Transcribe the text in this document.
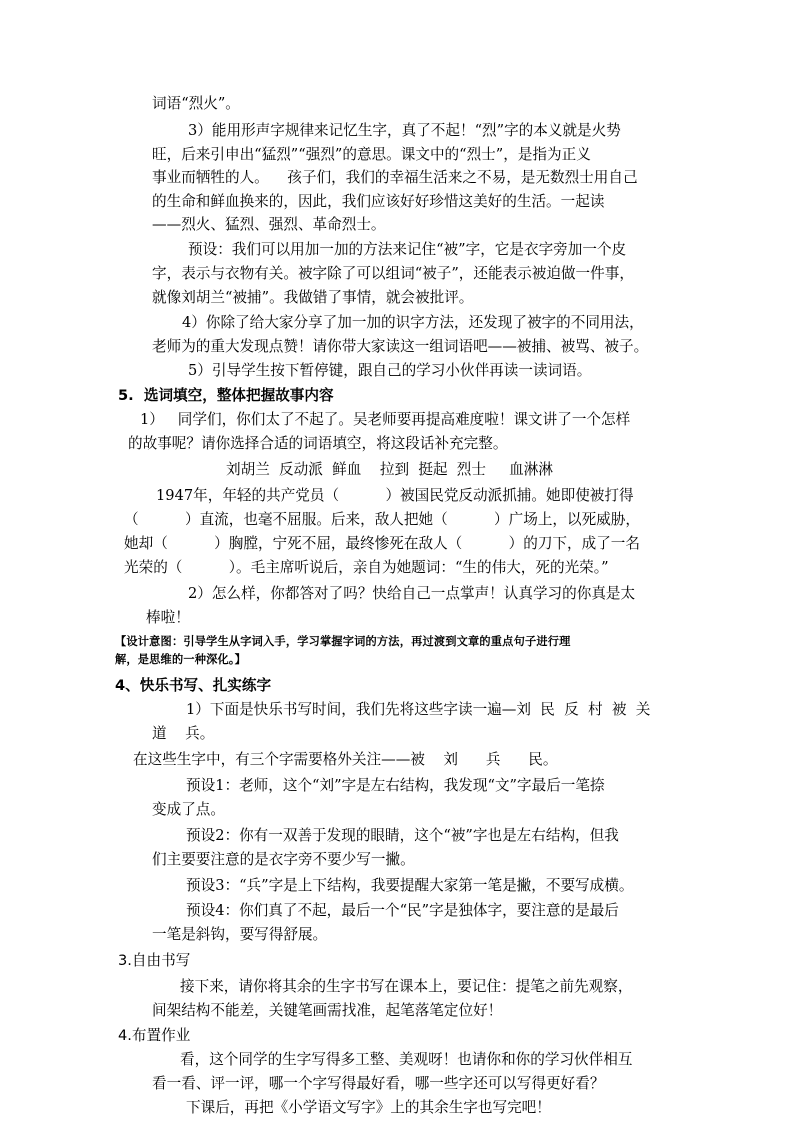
词语“烈火”。
3）能用形声字规律来记忆生字，真了不起！“烈”字的本义就是火势
旺，后来引申出“猛烈”“强烈”的意思。课文中的“烈士”，是指为正义
事业而牺牲的人。    孩子们，我们的幸福生活来之不易，是无数烈士用自己
的生命和鲜血换来的，因此，我们应该好好珍惜这美好的生活。一起读
——烈火、猛烈、强烈、革命烈士。
预设：我们可以用加一加的方法来记住“被”字，它是衣字旁加一个皮
字，表示与衣物有关。被字除了可以组词“被子”，还能表示被迫做一件事，
就像刘胡兰“被捕”。我做错了事情，就会被批评。
4）你除了给大家分享了加一加的识字方法，还发现了被字的不同用法，
老师为的重大发现点赞！请你带大家读这一组词语吧——被捕、被骂、被子。
5）引导学生按下暂停键，跟自己的学习小伙伴再读一读词语。
5.  选词填空，整体把握故事内容
1）   同学们，你们太了不起了。吴老师要再提高难度啦！课文讲了一个怎样
的故事呢？请你选择合适的词语填空，将这段话补充完整。
刘胡兰  反动派  鲜血    拉到  挺起  烈士     血淋淋
1947年，年轻的共产党员（          ）被国民党反动派抓捕。她即使被打得
（          ）直流，也毫不屈服。后来，敌人把她（          ）广场上，以死威胁，
她却（          ）胸膛，宁死不屈，最终惨死在敌人（          ）的刀下，成了一名
光荣的（          ）。毛主席听说后，亲自为她题词：“生的伟大，死的光荣。”
2）怎么样，你都答对了吗？快给自己一点掌声！认真学习的你真是太
棒啦！
【设计意图：引导学生从字词入手，学习掌握字词的方法，再过渡到文章的重点句子进行理
解，是思维的一种深化。】
4、快乐书写、扎实练字
1）下面是快乐书写时间，我们先将这些字读一遍—刘  民  反  村  被  关
道    兵。
在这些生字中，有三个字需要格外关注——被    刘      兵      民。
预设1：老师，这个“刘”字是左右结构，我发现“文”字最后一笔捺
变成了点。
预设2：你有一双善于发现的眼睛，这个“被”字也是左右结构，但我
们主要要注意的是衣字旁不要少写一撇。
预设3：“兵”字是上下结构，我要提醒大家第一笔是撇，不要写成横。
预设4：你们真了不起，最后一个“民”字是独体字，要注意的是最后
一笔是斜钩，要写得舒展。
3.自由书写
接下来，请你将其余的生字书写在课本上，要记住：提笔之前先观察，
间架结构不能差，关键笔画需找准，起笔落笔定位好！
4.布置作业
看，这个同学的生字写得多工整、美观呀！也请你和你的学习伙伴相互
看一看、评一评，哪一个字写得最好看，哪一些字还可以写得更好看？
下课后，再把《小学语文写字》上的其余生字也写完吧！
